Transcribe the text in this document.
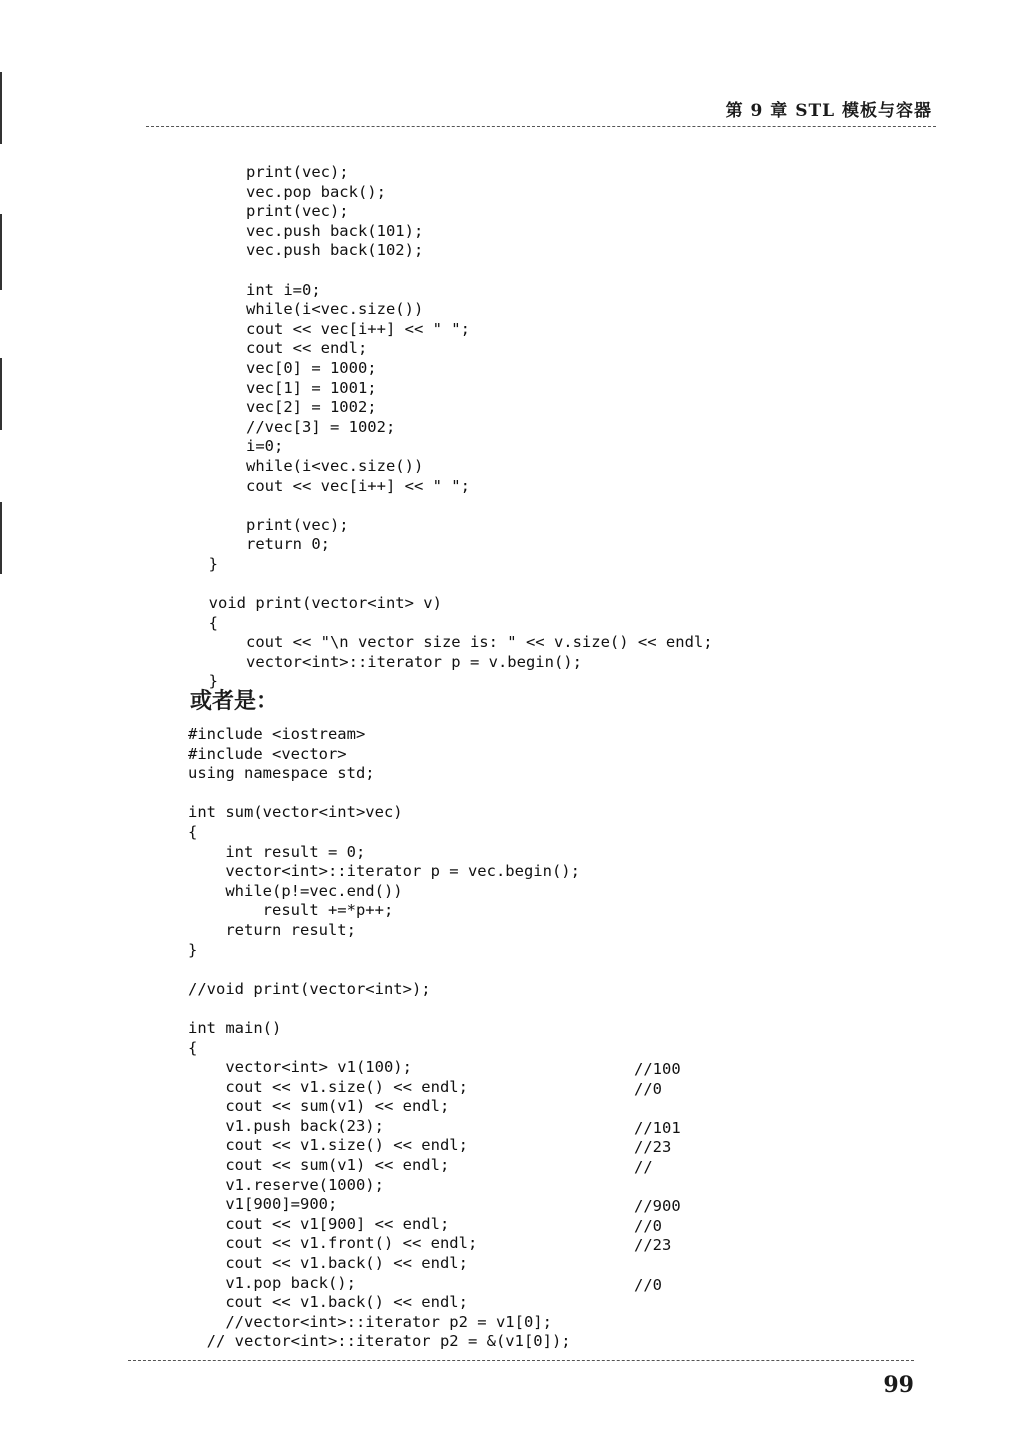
第 9 章 STL 模板与容器
print(vec);
vec.pop back();
print(vec);
vec.push back(101);
vec.push back(102);

int i=0;
while(i<vec.size())
cout << vec[i++] << " ";
cout << endl;
vec[0] = 1000;
vec[1] = 1001;
vec[2] = 1002;
//vec[3] = 1002;
i=0;
while(i<vec.size())
cout << vec[i++] << " ";

print(vec);
return 0;
}

void print(vector<int> v)
{
cout << "\n vector size is: " << v.size() << endl;
vector<int>::iterator p = v.begin();
}
或者是：
#include <iostream>
#include <vector>
using namespace std;

int sum(vector<int>vec)
{
int result = 0;
vector<int>::iterator p = vec.begin();
while(p!=vec.end())
result +=*p++;
return result;
}

//void print(vector<int>);

int main()
{
vector<int> v1(100);
cout << v1.size() << endl;
cout << sum(v1) << endl;
v1.push back(23);
cout << v1.size() << endl;
cout << sum(v1) << endl;
v1.reserve(1000);
v1[900]=900;
cout << v1[900] << endl;
cout << v1.front() << endl;
cout << v1.back() << endl;
v1.pop back();
cout << v1.back() << endl;
//vector<int>::iterator p2 = v1[0];
// vector<int>::iterator p2 = &(v1[0]);
//100
//0

//101
//23
//

//900
//0
//23

//0
99
